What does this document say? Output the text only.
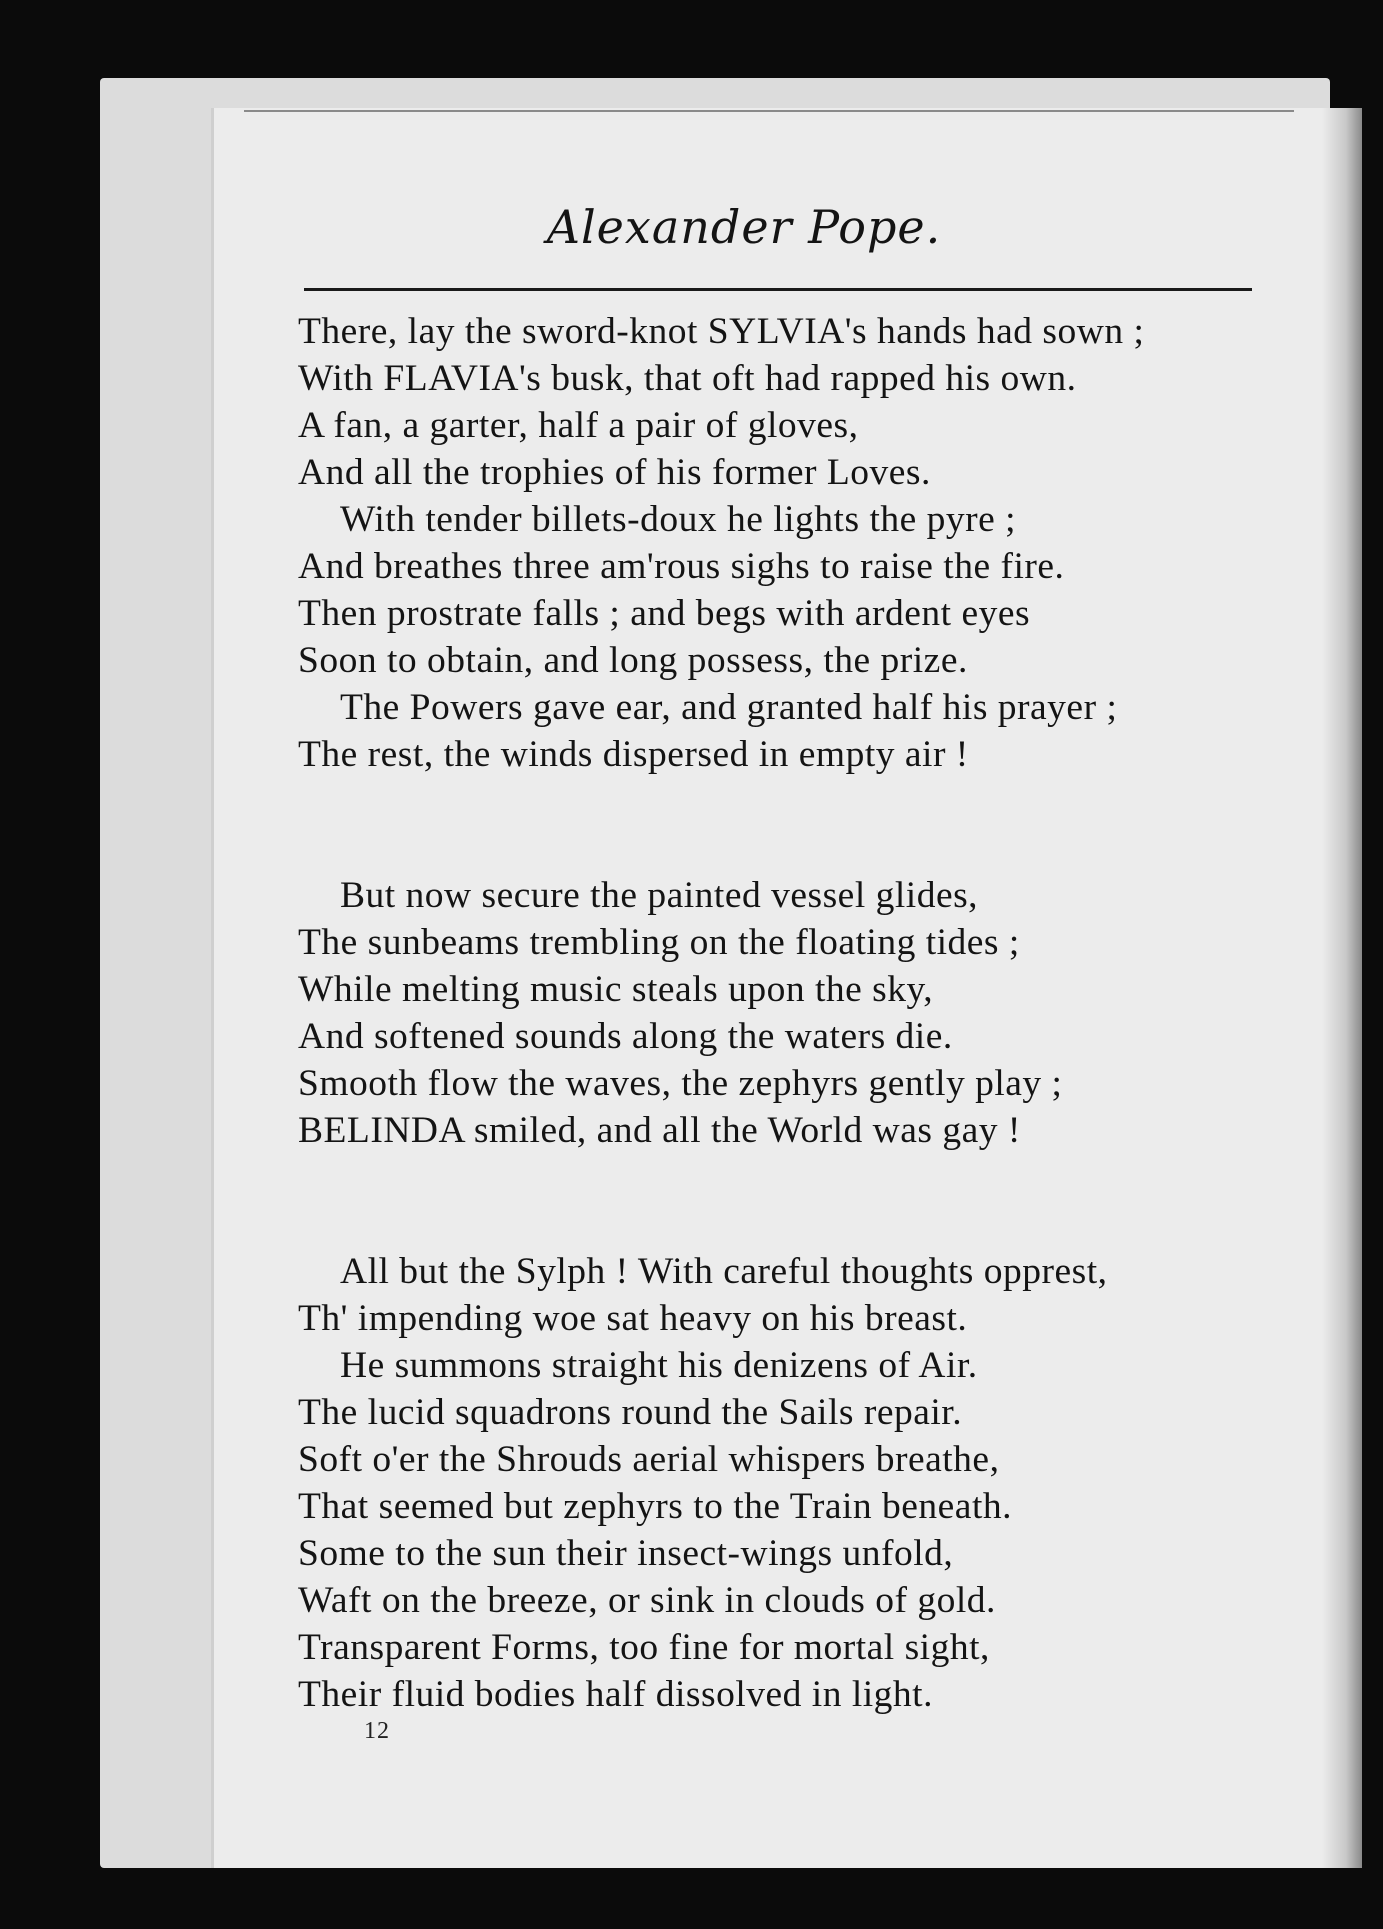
Alexander Pope.
There, lay the sword-knot SYLVIA's hands had sown ;
With FLAVIA's busk, that oft had rapped his own.
A fan, a garter, half a pair of gloves,
And all the trophies of his former Loves.
With tender billets-doux he lights the pyre ;
And breathes three am'rous sighs to raise the fire.
Then prostrate falls ; and begs with ardent eyes
Soon to obtain, and long possess, the prize.
The Powers gave ear, and granted half his prayer ;
The rest, the winds dispersed in empty air !
But now secure the painted vessel glides,
The sunbeams trembling on the floating tides ;
While melting music steals upon the sky,
And softened sounds along the waters die.
Smooth flow the waves, the zephyrs gently play ;
BELINDA smiled, and all the World was gay !
All but the Sylph ! With careful thoughts opprest,
Th' impending woe sat heavy on his breast.
He summons straight his denizens of Air.
The lucid squadrons round the Sails repair.
Soft o'er the Shrouds aerial whispers breathe,
That seemed but zephyrs to the Train beneath.
Some to the sun their insect-wings unfold,
Waft on the breeze, or sink in clouds of gold.
Transparent Forms, too fine for mortal sight,
Their fluid bodies half dissolved in light.
12
